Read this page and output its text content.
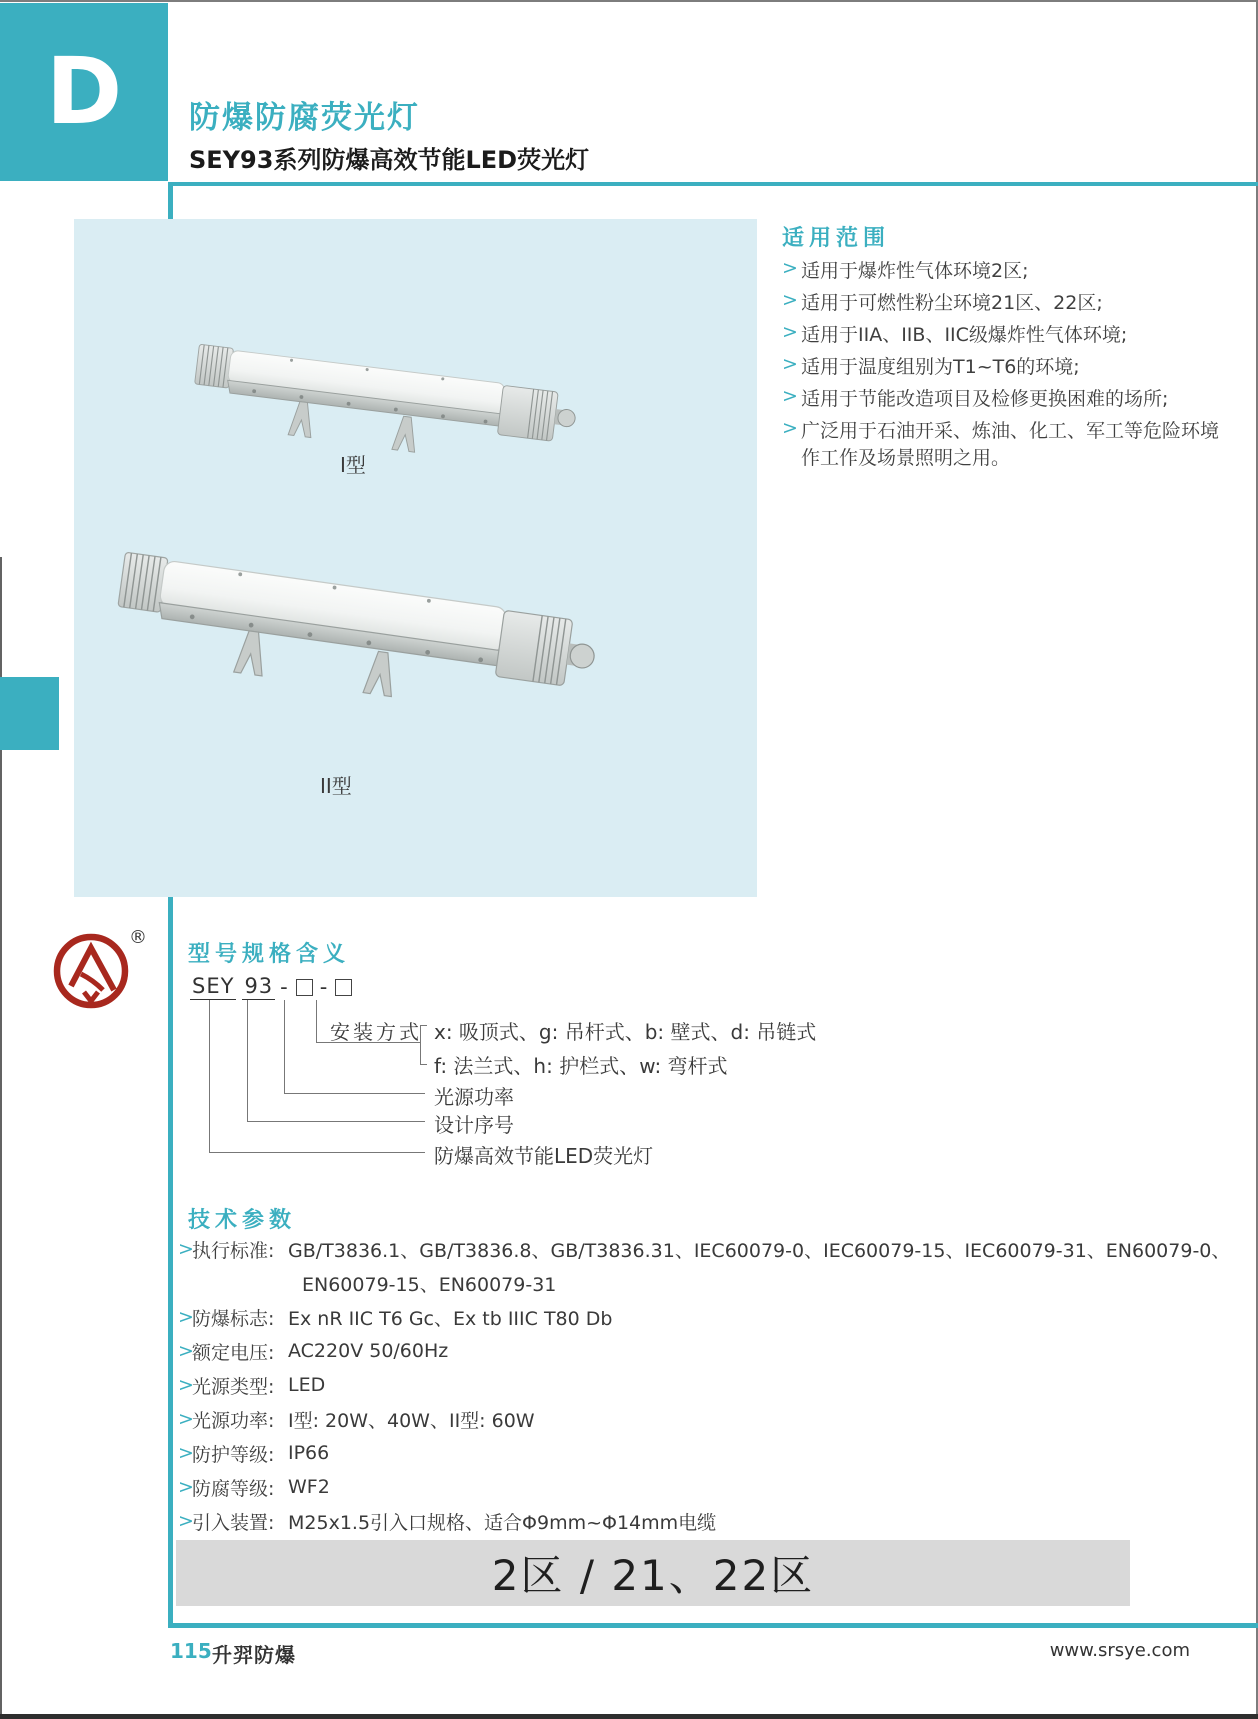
D 防爆防腐荧光灯
SEY93系列防爆高效节能LED荧光灯
I型
II型
适用范围
> 适用于爆炸性气体环境2区;
> 适用于可燃性粉尘环境21区、22区;
> 适用于IIA、IIB、IIC级爆炸性气体环境;
> 适用于温度组别为T1~T6的环境;
> 适用于节能改造项目及检修更换困难的场所;
> 广泛用于石油开采、炼油、化工、军工等危险环境作工作及场景照明之用。
®
型号规格含义
SEY 93 - -
安装方式 x: 吸顶式、g: 吊杆式、b: 壁式、d: 吊链式
f: 法兰式、h: 护栏式、w: 弯杆式
光源功率
设计序号
防爆高效节能LED荧光灯
技术参数
>
执行标准: GB/T3836.1、GB/T3836.8、GB/T3836.31、IEC60079-0、IEC60079-15、IEC60079-31、EN60079-0、
EN60079-15、EN60079-31
>
防爆标志: Ex nR IIC T6 Gc、Ex tb IIIC T80 Db
>
额定电压: AC220V 50/60Hz
>
光源类型: LED
>
光源功率: I型: 20W、40W、II型: 60W
>
防护等级: IP66
>
防腐等级: WF2
>
引入装置: M25x1.5引入口规格、适合Φ9mm~Φ14mm电缆
2区 / 21、22区
115 升羿防爆	www.srsye.com
